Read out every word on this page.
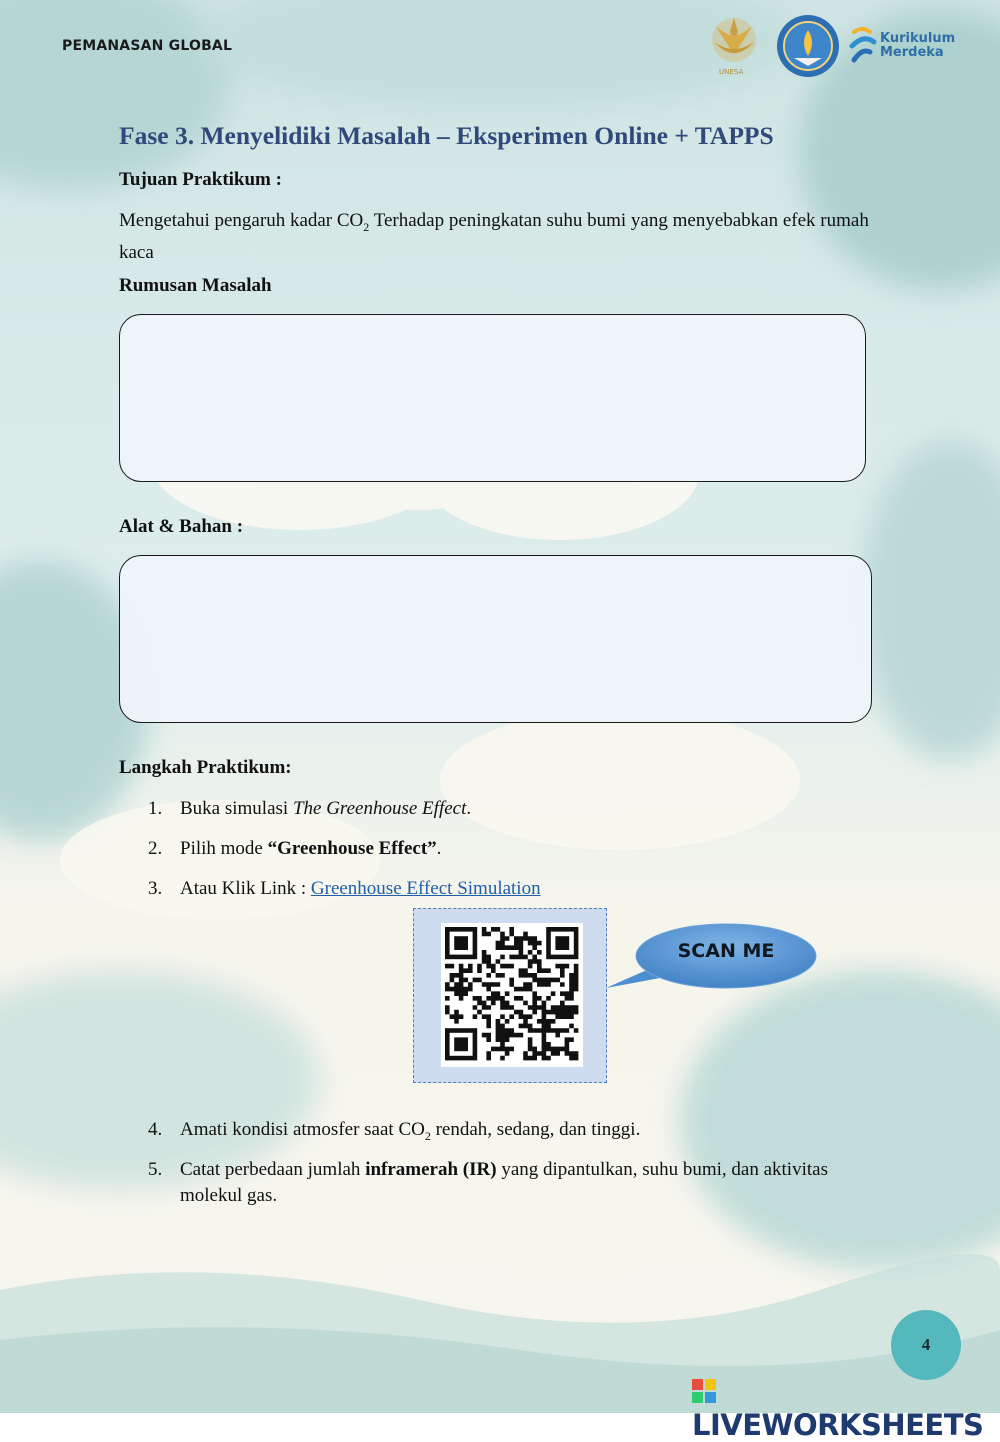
PEMANASAN GLOBAL
UNESA
Kurikulum
Merdeka
Fase 3. Menyelidiki Masalah – Eksperimen Online + TAPPS
Tujuan Praktikum :
Mengetahui pengaruh kadar $CO_2$ Terhadap peningkatan suhu bumi yang menyebabkan efek rumah kaca
Rumusan Masalah
Alat & Bahan :
Langkah Praktikum:
1. Buka simulasi The Greenhouse Effect.
2. Pilih mode “Greenhouse Effect”.
3. Atau Klik Link : Greenhouse Effect Simulation
4. Amati kondisi atmosfer saat $CO_2$ rendah, sedang, dan tinggi.
5. Catat perbedaan jumlah inframerah (IR) yang dipantulkan, suhu bumi, dan aktivitas molekul gas.
SCAN ME
4
LIVEWORKSHEETS
